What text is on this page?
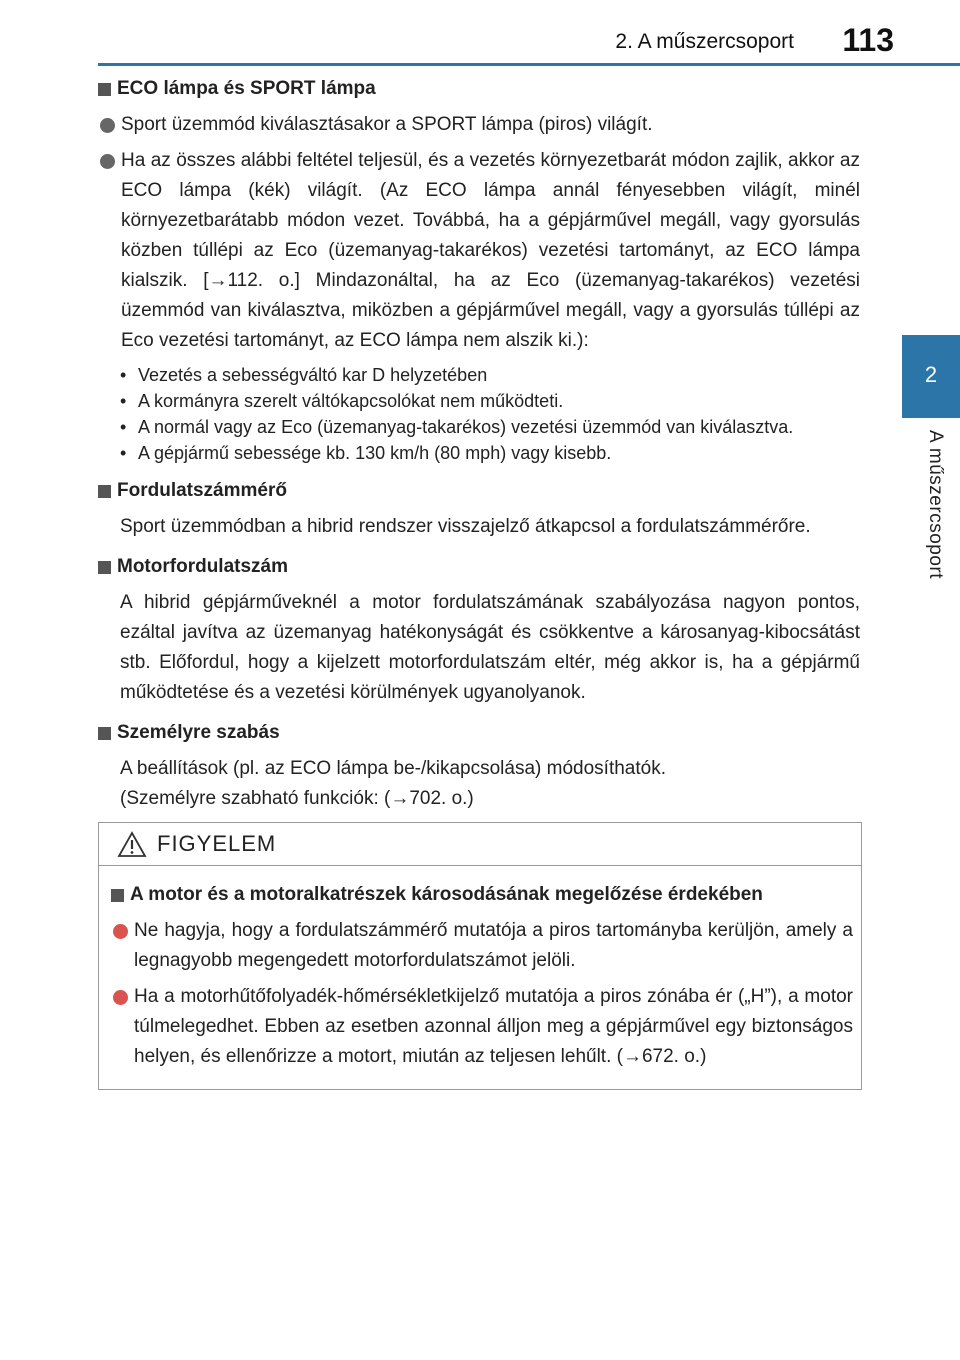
2. A műszercsoport 113
2
A műszercsoport
ECO lámpa és SPORT lámpa
Sport üzemmód kiválasztásakor a SPORT lámpa (piros) világít.
Ha az összes alábbi feltétel teljesül, és a vezetés környezetbarát módon zajlik, akkor az ECO lámpa (kék) világít. (Az ECO lámpa annál fényesebben világít, minél környezetbarátabb módon vezet. Továbbá, ha a gépjárművel megáll, vagy gyorsulás közben túllépi az Eco (üzemanyag-takarékos) vezetési tartományt, az ECO lámpa kialszik. [→112. o.] Mindazonáltal, ha az Eco (üzemanyag-takarékos) vezetési üzemmód van kiválasztva, miközben a gépjárművel megáll, vagy a gyorsulás túllépi az Eco vezetési tartományt, az ECO lámpa nem alszik ki.):
• Vezetés a sebességváltó kar D helyzetében
• A kormányra szerelt váltókapcsolókat nem működteti.
• A normál vagy az Eco (üzemanyag-takarékos) vezetési üzemmód van kiválasztva.
• A gépjármű sebessége kb. 130 km/h (80 mph) vagy kisebb.
Fordulatszámmérő
Sport üzemmódban a hibrid rendszer visszajelző átkapcsol a fordulatszámmérőre.
Motorfordulatszám
A hibrid gépjárműveknél a motor fordulatszámának szabályozása nagyon pontos, ezáltal javítva az üzemanyag hatékonyságát és csökkentve a károsanyag-kibocsátást stb. Előfordul, hogy a kijelzett motorfordulatszám eltér, még akkor is, ha a gépjármű működtetése és a vezetési körülmények ugyanolyanok.
Személyre szabás
A beállítások (pl. az ECO lámpa be-/kikapcsolása) módosíthatók.
(Személyre szabható funkciók: (→702. o.)
FIGYELEM
A motor és a motoralkatrészek károsodásának megelőzése érdekében
Ne hagyja, hogy a fordulatszámmérő mutatója a piros tartományba kerüljön, amely a legnagyobb megengedett motorfordulatszámot jelöli.
Ha a motorhűtőfolyadék-hőmérsékletkijelző mutatója a piros zónába ér („H”), a motor túlmelegedhet. Ebben az esetben azonnal álljon meg a gépjárművel egy biztonságos helyen, és ellenőrizze a motort, miután az teljesen lehűlt. (→672. o.)
